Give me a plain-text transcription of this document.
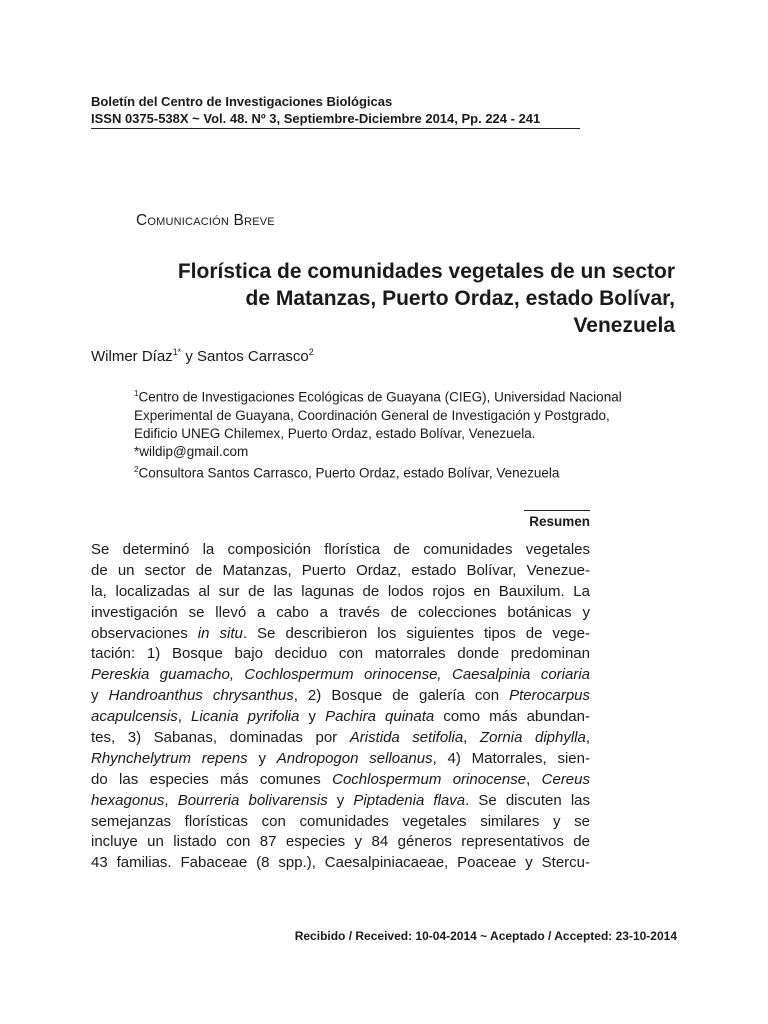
Boletín del Centro de Investigaciones Biológicas
ISSN 0375-538X ~ Vol. 48. Nº 3, Septiembre-Diciembre 2014, Pp. 224 - 241
Comunicación Breve
Florística de comunidades vegetales de un sector
de Matanzas, Puerto Ordaz, estado Bolívar,
Venezuela
Wilmer Díaz$^{1*}$ y Santos Carrasco$^2$
$^1$Centro de Investigaciones Ecológicas de Guayana (CIEG), Universidad Nacional
Experimental de Guayana, Coordinación General de Investigación y Postgrado,
Edificio UNEG Chilemex, Puerto Ordaz, estado Bolívar, Venezuela.
*wildip@gmail.com
$^2$Consultora Santos Carrasco, Puerto Ordaz, estado Bolívar, Venezuela
Resumen
Se determinó la composición florística de comunidades vegetales
de un sector de Matanzas, Puerto Ordaz, estado Bolívar, Venezue-
la, localizadas al sur de las lagunas de lodos rojos en Bauxilum. La
investigación se llevó a cabo a través de colecciones botánicas y
observaciones in situ. Se describieron los siguientes tipos de vege-
tación: 1) Bosque bajo deciduo con matorrales donde predominan
Pereskia guamacho, Cochlospermum orinocense, Caesalpinia coriaria
y Handroanthus chrysanthus, 2) Bosque de galería con Pterocarpus
acapulcensis, Licania pyrifolia y Pachira quinata como más abundan-
tes, 3) Sabanas, dominadas por Aristida setifolia, Zornia diphylla,
Rhynchelytrum repens y Andropogon selloanus, 4) Matorrales, sien-
do las especies más comunes Cochlospermum orinocense, Cereus
hexagonus, Bourreria bolivarensis y Piptadenia flava. Se discuten las
semejanzas florísticas con comunidades vegetales similares y se
incluye un listado con 87 especies y 84 géneros representativos de
43 familias. Fabaceae (8 spp.), Caesalpiniacaeae, Poaceae y Stercu-
Recibido / Received: 10-04-2014 ~ Aceptado / Accepted: 23-10-2014
